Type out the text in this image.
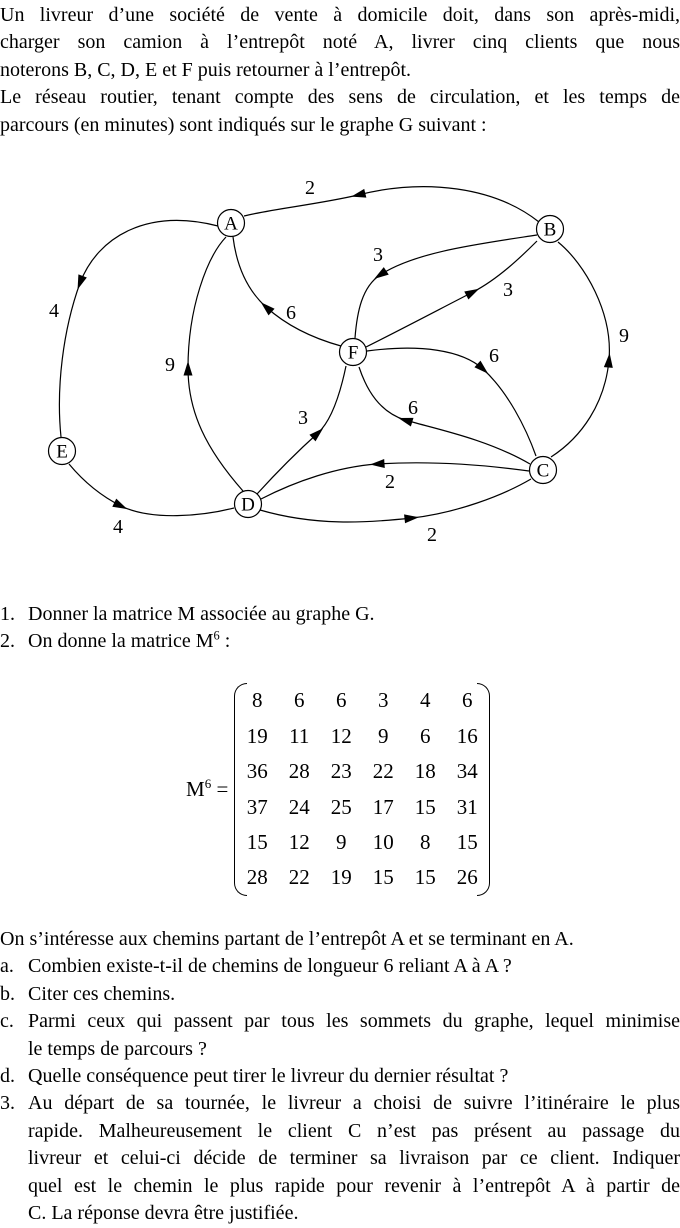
Un livreur d’une société de vente à domicile doit, dans son après-midi,
charger son camion à l’entrepôt noté A, livrer cinq clients que nous
noterons B, C, D, E et F puis retourner à l’entrepôt.
Le réseau routier, tenant compte des sens de circulation, et les temps de
parcours (en minutes) sont indiqués sur le graphe G suivant :
2
4
4
9
3
6
3
3
6
6
2
2
9
A	B
C
D
E
F
1. Donner la matrice M associée au graphe G.
2. On donne la matrice $M^6$ :
$M^6$ =
8	6	6	3	4	6
19	11	12	9	6	16
36	28	23	22	18	34
37	24	25	17	15	31
15	12	9	10	8	15
28	22	19	15	15	26
On s’intéresse aux chemins partant de l’entrepôt A et se terminant en A.
a. Combien existe-t-il de chemins de longueur 6 reliant A à A ?
b. Citer ces chemins.
c. Parmi ceux qui passent par tous les sommets du graphe, lequel minimise
le temps de parcours ?
d. Quelle conséquence peut tirer le livreur du dernier résultat ?
3. Au départ de sa tournée, le livreur a choisi de suivre l’itinéraire le plus
rapide. Malheureusement le client C n’est pas présent au passage du
livreur et celui-ci décide de terminer sa livraison par ce client. Indiquer
quel est le chemin le plus rapide pour revenir à l’entrepôt A à partir de
C. La réponse devra être justifiée.
